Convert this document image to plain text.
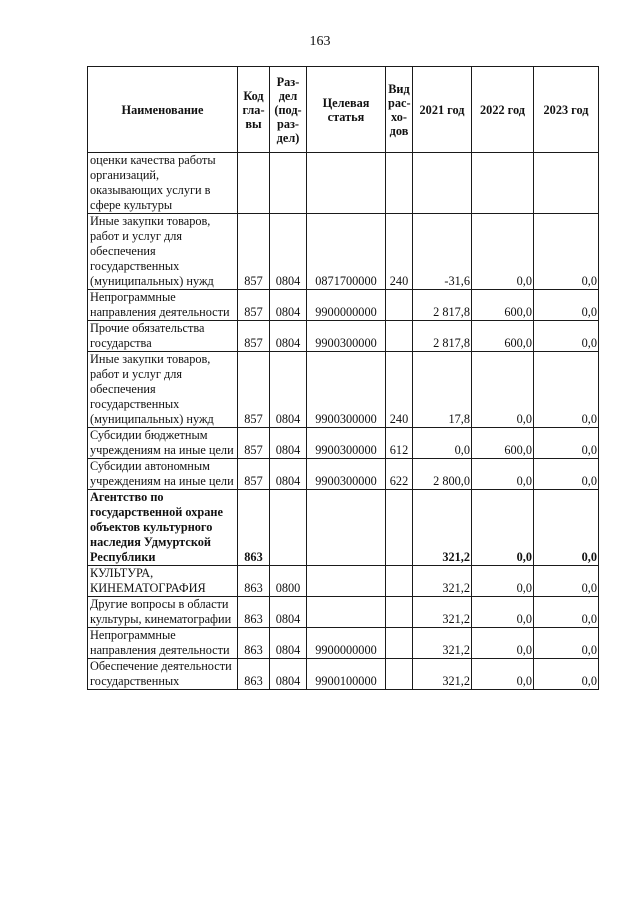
163
Наименование	Код гла-вы	Раз-дел (под-раз-дел)	Целевая статья	Вид рас-хо-дов	2021 год	2022 год	2023 год
оценки качества работы организаций, оказывающих услуги в сфере культуры							
Иные закупки товаров, работ и услуг для обеспечения государственных (муниципальных) нужд	857	0804	0871700000	240	-31,6	0,0	0,0
Непрограммные направления деятельности	857	0804	9900000000		2 817,8	600,0	0,0
Прочие обязательства государства	857	0804	9900300000		2 817,8	600,0	0,0
Иные закупки товаров, работ и услуг для обеспечения государственных (муниципальных) нужд	857	0804	9900300000	240	17,8	0,0	0,0
Субсидии бюджетным учреждениям на иные цели	857	0804	9900300000	612	0,0	600,0	0,0
Субсидии автономным учреждениям на иные цели	857	0804	9900300000	622	2 800,0	0,0	0,0
Агентство по государственной охране объектов культурного наследия Удмуртской Республики	863				321,2	0,0	0,0
КУЛЬТУРА, КИНЕМАТОГРАФИЯ	863	0800			321,2	0,0	0,0
Другие вопросы в области культуры, кинематографии	863	0804			321,2	0,0	0,0
Непрограммные направления деятельности	863	0804	9900000000		321,2	0,0	0,0
Обеспечение деятельности государственных	863	0804	9900100000		321,2	0,0	0,0
